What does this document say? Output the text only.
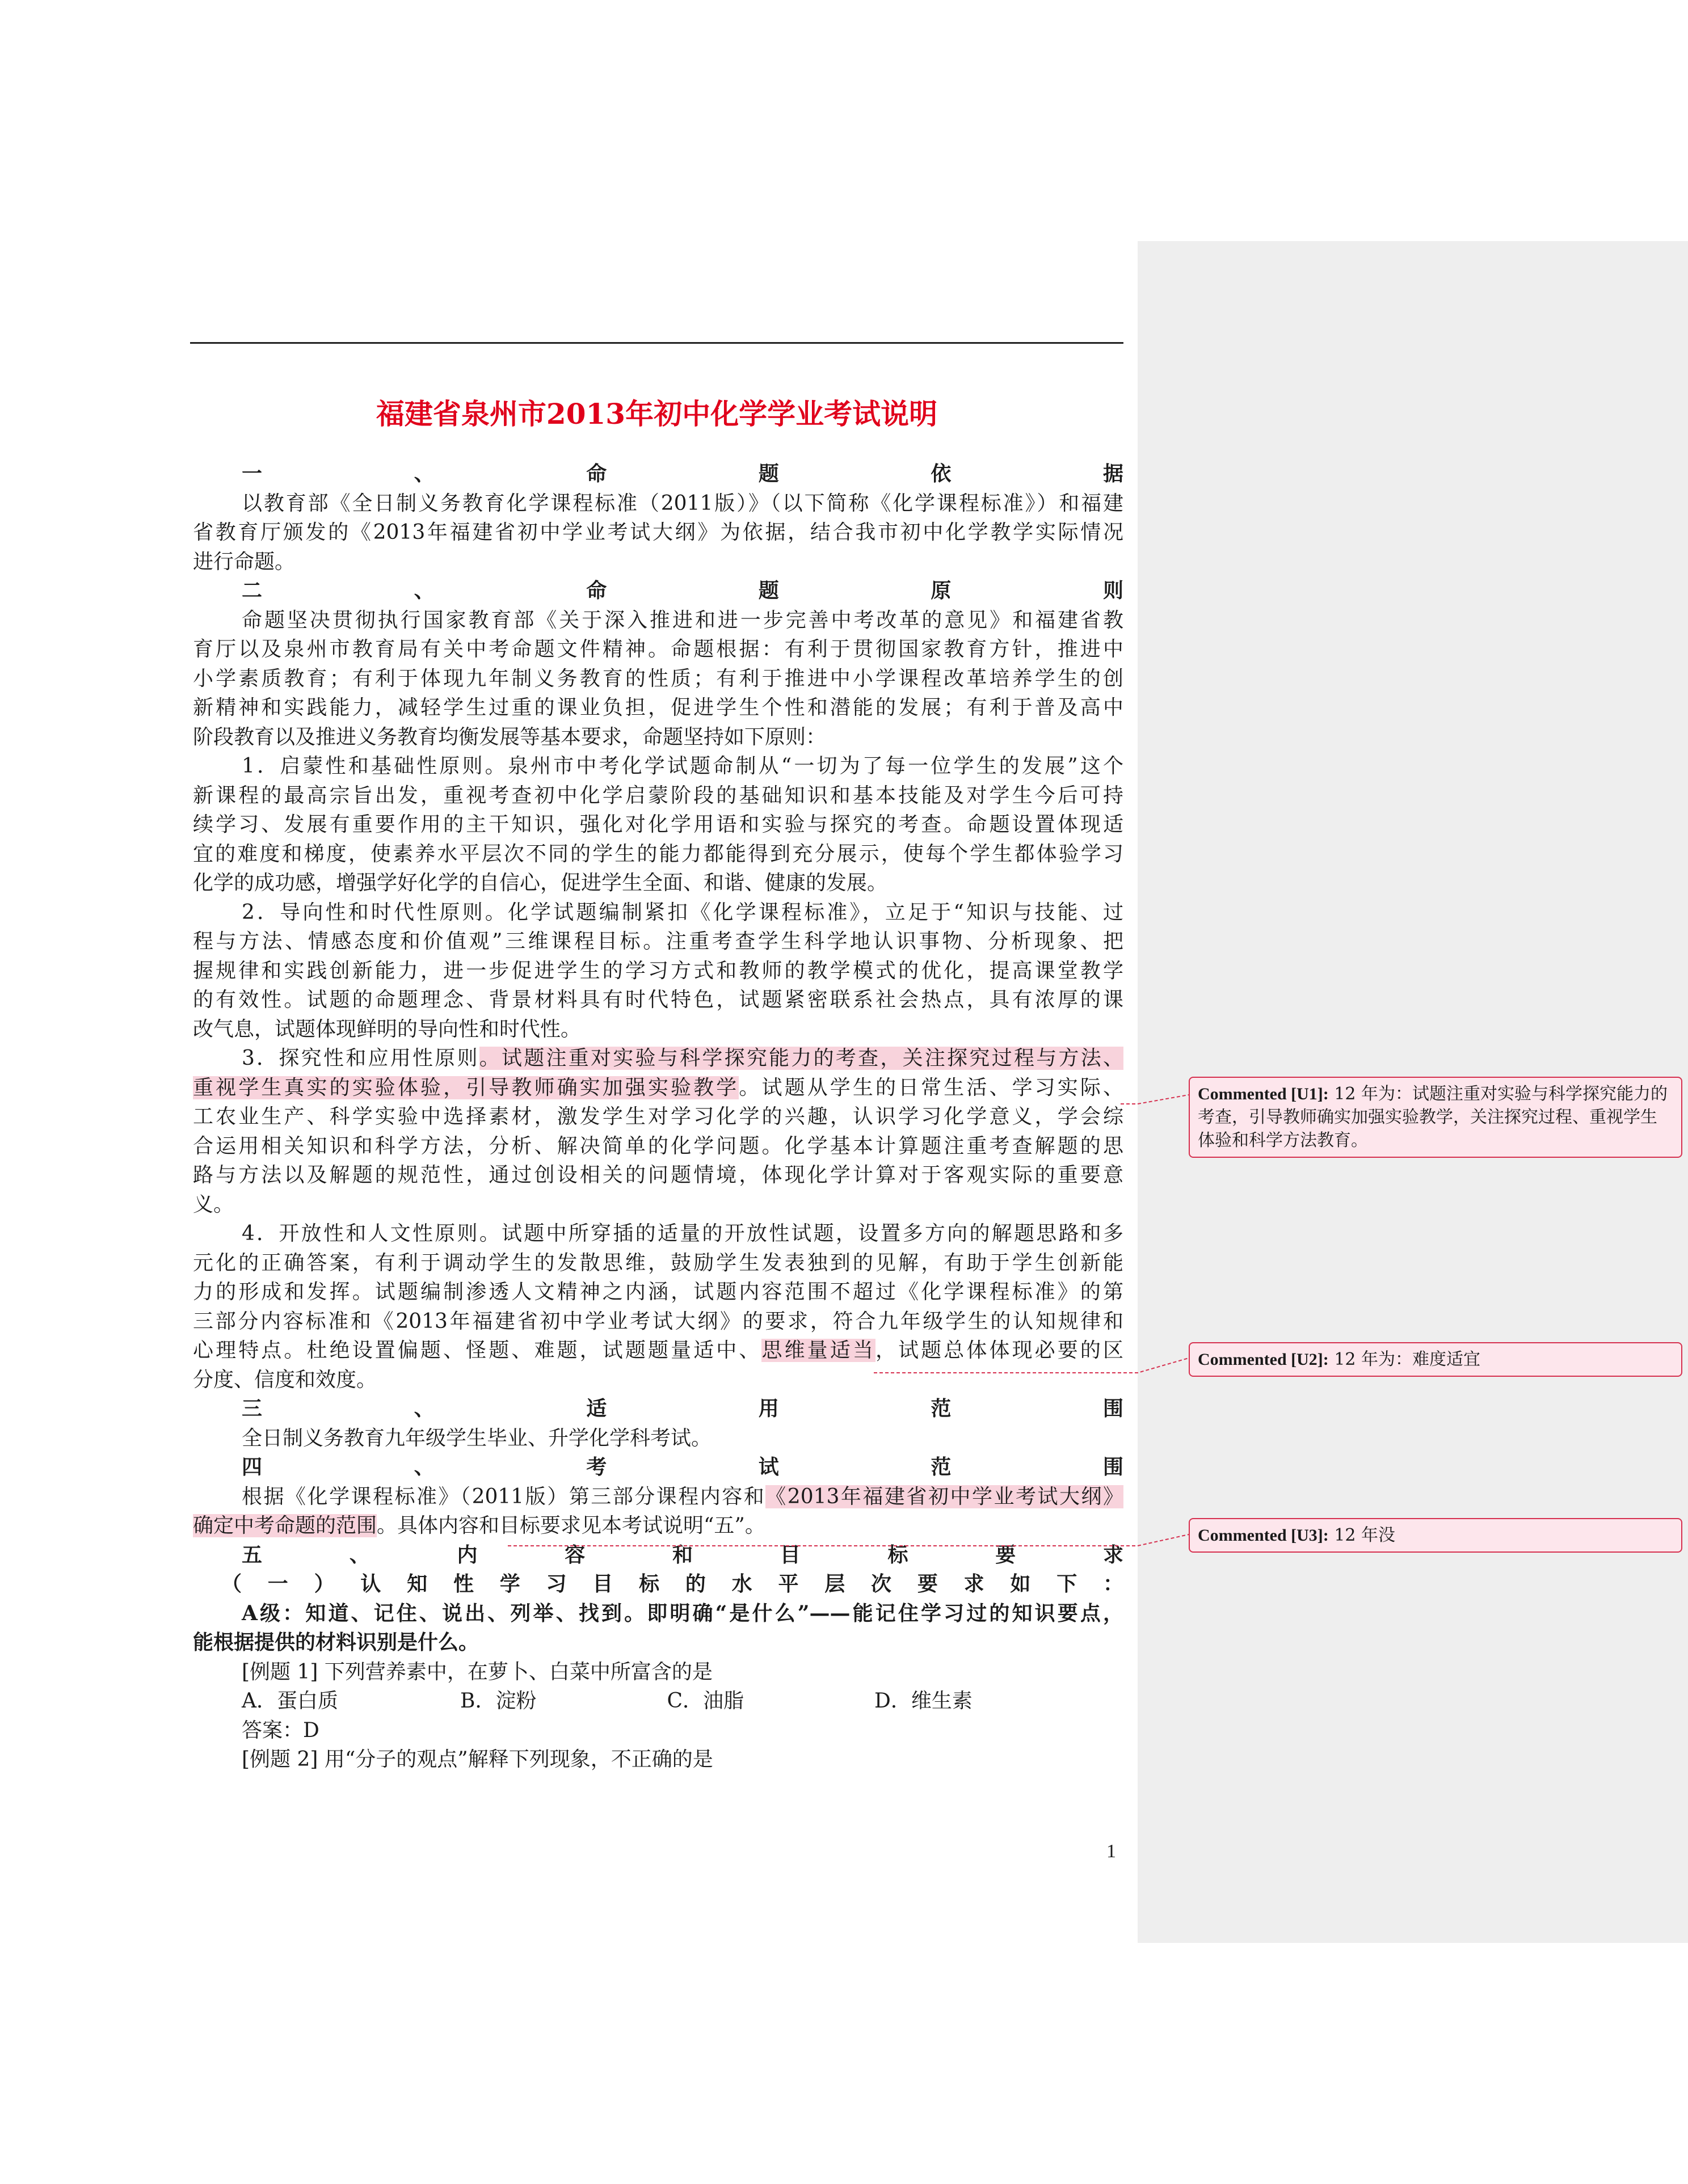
福建省泉州市2013年初中化学学业考试说明
一、命题依据
以教育部《全日制义务教育化学课程标准（2011版）》（以下简称《化学课程标准》）和福建
省教育厅颁发的《2013年福建省初中学业考试大纲》为依据，结合我市初中化学教学实际情况
进行命题。
二、命题原则
命题坚决贯彻执行国家教育部《关于深入推进和进一步完善中考改革的意见》和福建省教
育厅以及泉州市教育局有关中考命题文件精神。命题根据：有利于贯彻国家教育方针，推进中
小学素质教育；有利于体现九年制义务教育的性质；有利于推进中小学课程改革培养学生的创
新精神和实践能力，减轻学生过重的课业负担，促进学生个性和潜能的发展；有利于普及高中
阶段教育以及推进义务教育均衡发展等基本要求，命题坚持如下原则：
1．启蒙性和基础性原则。泉州市中考化学试题命制从“一切为了每一位学生的发展”这个
新课程的最高宗旨出发，重视考查初中化学启蒙阶段的基础知识和基本技能及对学生今后可持
续学习、发展有重要作用的主干知识，强化对化学用语和实验与探究的考查。命题设置体现适
宜的难度和梯度，使素养水平层次不同的学生的能力都能得到充分展示，使每个学生都体验学习
化学的成功感，增强学好化学的自信心，促进学生全面、和谐、健康的发展。
2．导向性和时代性原则。化学试题编制紧扣《化学课程标准》，立足于“知识与技能、过
程与方法、情感态度和价值观”三维课程目标。注重考查学生科学地认识事物、分析现象、把
握规律和实践创新能力，进一步促进学生的学习方式和教师的教学模式的优化，提高课堂教学
的有效性。试题的命题理念、背景材料具有时代特色，试题紧密联系社会热点，具有浓厚的课
改气息，试题体现鲜明的导向性和时代性。
3．探究性和应用性原则。试题注重对实验与科学探究能力的考查，关注探究过程与方法、
重视学生真实的实验体验，引导教师确实加强实验教学。试题从学生的日常生活、学习实际、
工农业生产、科学实验中选择素材，激发学生对学习化学的兴趣，认识学习化学意义，学会综
合运用相关知识和科学方法，分析、解决简单的化学问题。化学基本计算题注重考查解题的思
路与方法以及解题的规范性，通过创设相关的问题情境，体现化学计算对于客观实际的重要意
义。
4．开放性和人文性原则。试题中所穿插的适量的开放性试题，设置多方向的解题思路和多
元化的正确答案，有利于调动学生的发散思维，鼓励学生发表独到的见解，有助于学生创新能
力的形成和发挥。试题编制渗透人文精神之内涵，试题内容范围不超过《化学课程标准》的第
三部分内容标准和《2013年福建省初中学业考试大纲》的要求，符合九年级学生的认知规律和
心理特点。杜绝设置偏题、怪题、难题，试题题量适中、思维量适当，试题总体体现必要的区
分度、信度和效度。
三、适用范围
全日制义务教育九年级学生毕业、升学化学科考试。
四、考试范围
根据《化学课程标准》（2011版）第三部分课程内容和《2013年福建省初中学业考试大纲》
确定中考命题的范围。具体内容和目标要求见本考试说明“五”。
五、内容和目标要求
（一）认知性学习目标的水平层次要求如下：
A级：知道、记住、说出、列举、找到。即明确“是什么”——能记住学习过的知识要点，
能根据提供的材料识别是什么。
[例题 1] 下列营养素中，在萝卜、白菜中所富含的是
A．蛋白质	B．淀粉	C．油脂	D．维生素
答案：D
[例题 2] 用“分子的观点”解释下列现象，不正确的是
Commented [U1]: 12 年为：试题注重对实验与科学探究能力的考查，引导教师确实加强实验教学，关注探究过程、重视学生体验和科学方法教育。
Commented [U2]: 12 年为：难度适宜
Commented [U3]: 12 年没
1
